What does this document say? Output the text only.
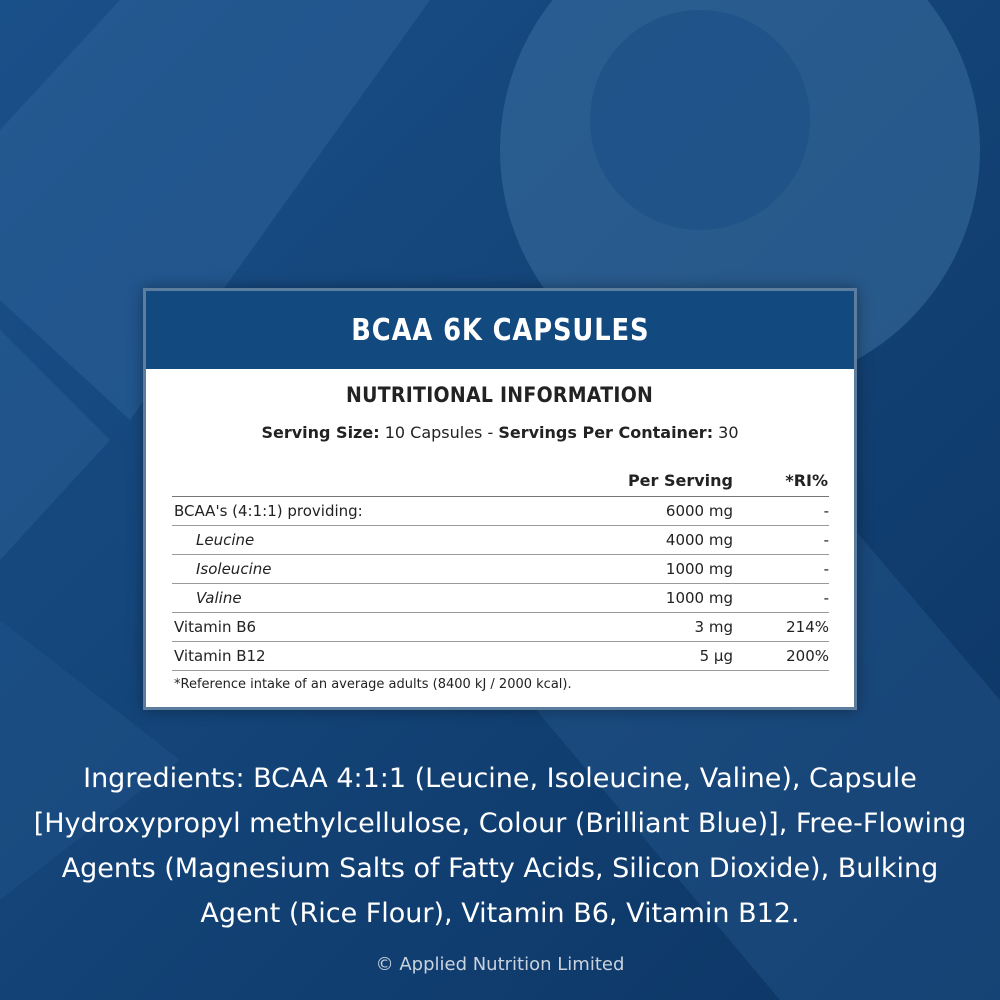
BCAA 6K CAPSULES
NUTRITIONAL INFORMATION
Serving Size: 10 Capsules - Servings Per Container: 30
	Per Serving	*RI%
BCAA's (4:1:1) providing:	6000 mg	-
Leucine	4000 mg	-
Isoleucine	1000 mg	-
Valine	1000 mg	-
Vitamin B6	3 mg	214%
Vitamin B12	5 µg	200%
*Reference intake of an average adults (8400 kJ / 2000 kcal).
Ingredients: BCAA 4:1:1 (Leucine, Isoleucine, Valine), Capsule [Hydroxypropyl methylcellulose, Colour (Brilliant Blue)], Free-Flowing Agents (Magnesium Salts of Fatty Acids, Silicon Dioxide), Bulking Agent (Rice Flour), Vitamin B6, Vitamin B12.
© Applied Nutrition Limited
